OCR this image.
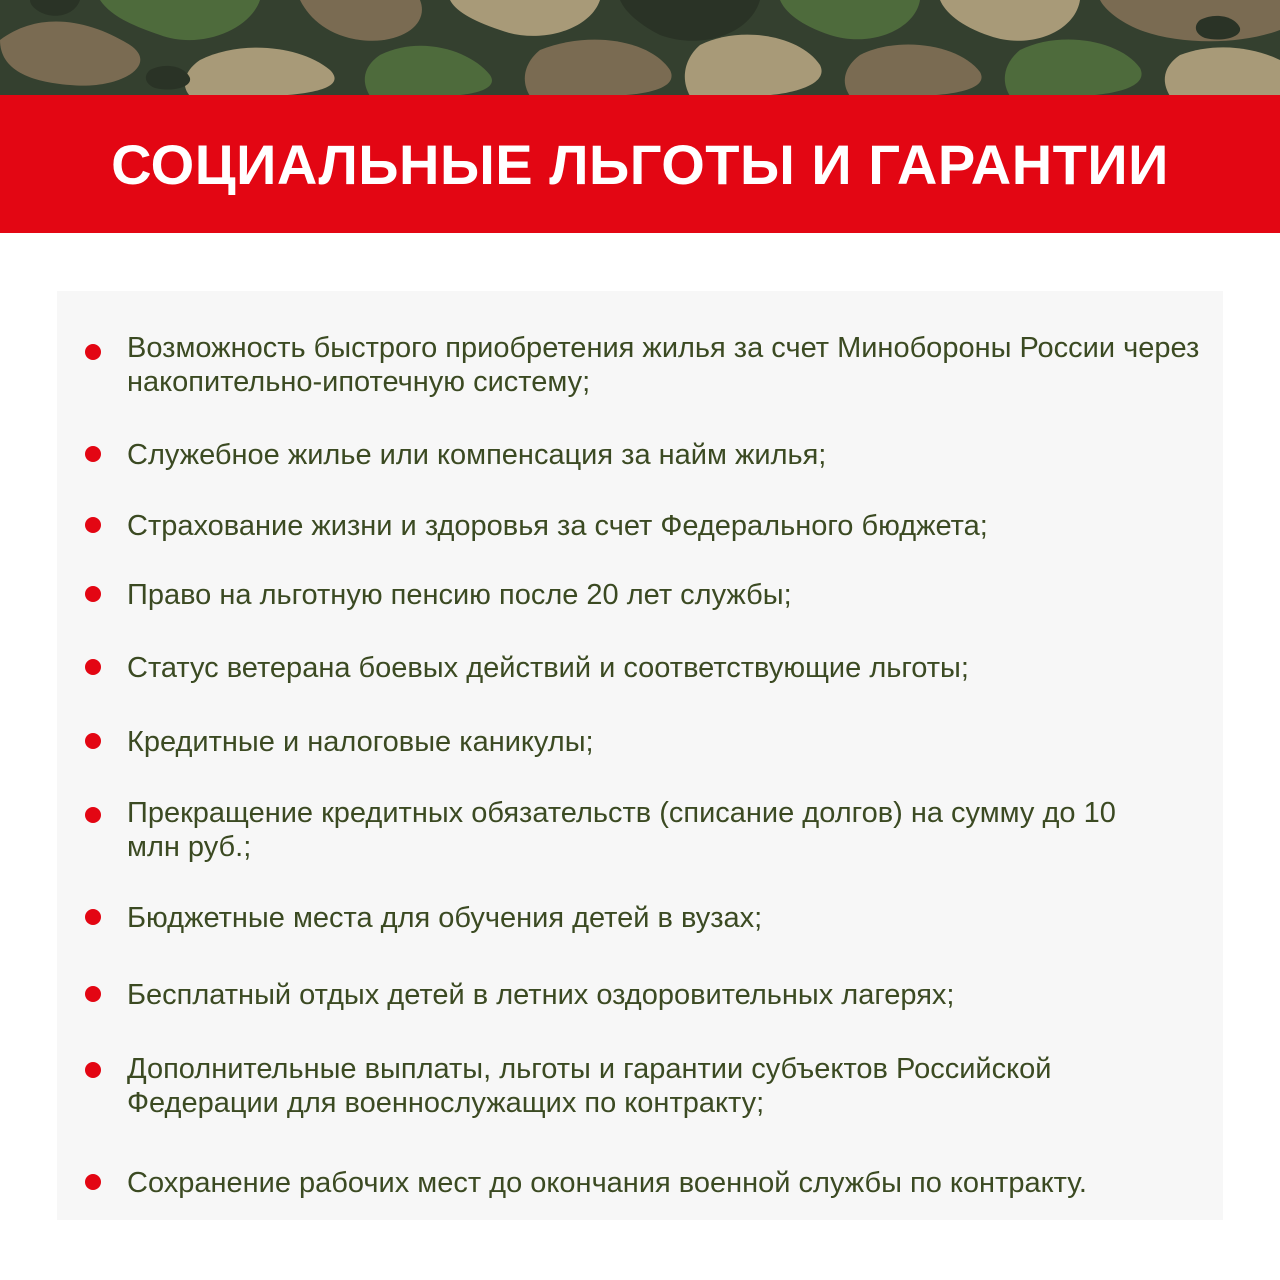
СОЦИАЛЬНЫЕ ЛЬГОТЫ И ГАРАНТИИ
Возможность быстрого приобретения жилья за счет Минобороны России через накопительно-ипотечную систему;
Служебное жилье или компенсация за найм жилья;
Страхование жизни и здоровья за счет Федерального бюджета;
Право на льготную пенсию после 20 лет службы;
Статус ветерана боевых действий и соответствующие льготы;
Кредитные и налоговые каникулы;
Прекращение кредитных обязательств (списание долгов) на сумму до 10 млн руб.;
Бюджетные места для обучения детей в вузах;
Бесплатный отдых детей в летних оздоровительных лагерях;
Дополнительные выплаты, льготы и гарантии субъектов Российской Федерации для военнослужащих по контракту;
Сохранение рабочих мест до окончания военной службы по контракту.
